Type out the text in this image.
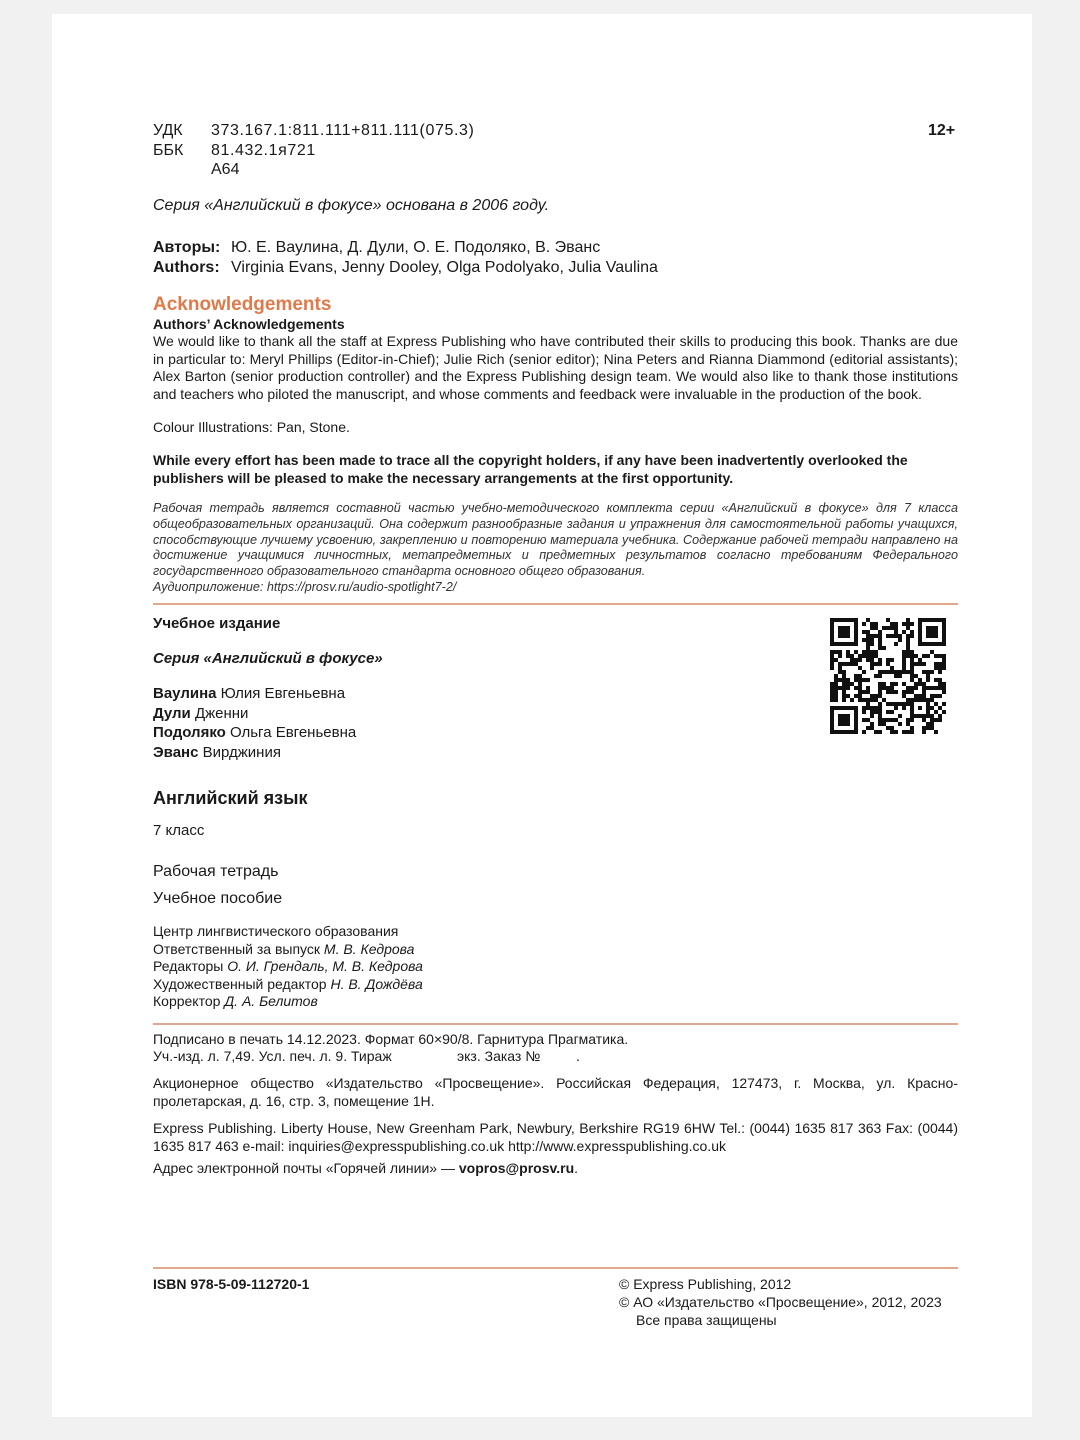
УДК 373.167.1:811.111+811.111(075.3)
ББК 81.432.1я721
А64
12+
Серия «Английский в фокусе» основана в 2006 году.
Авторы: Ю. Е. Ваулина, Д. Дули, О. Е. Подоляко, В. Эванс
Authors: Virginia Evans, Jenny Dooley, Olga Podolyako, Julia Vaulina
Acknowledgements
Authors’ Acknowledgements
We would like to thank all the staff at Express Publishing who have contributed their skills to producing this book. Thanks are due in particular to: Meryl Phillips (Editor-in-Chief); Julie Rich (senior editor); Nina Peters and Rianna Diammond (editorial assistants); Alex Barton (senior production controller) and the Express Publishing design team. We would also like to thank those institutions and teachers who piloted the manuscript, and whose comments and feedback were invaluable in the production of the book.
Colour Illustrations: Pan, Stone.
While every effort has been made to trace all the copyright holders, if any have been inadvertently overlooked the publishers will be pleased to make the necessary arrangements at the first opportunity.
Рабочая тетрадь является составной частью учебно-методического комплекта серии «Английский в фокусе» для 7 класса общеобразовательных организаций. Она содержит разнообразные задания и упражнения для самостоятельной работы учащихся, способствующие лучшему усвоению, закреплению и повторению материала учебника. Содержание рабочей тетради направлено на достижение учащимися личностных, метапредметных и предметных результатов согласно требованиям Федерального государственного образовательного стандарта основного общего образования.
Аудиоприложение: https://prosv.ru/audio-spotlight7-2/
Учебное издание
Серия «Английский в фокусе»
Ваулина Юлия Евгеньевна
Дули Дженни
Подоляко Ольга Евгеньевна
Эванс Вирджиния
Английский язык
7 класс
Рабочая тетрадь
Учебное пособие
Центр лингвистического образования
Ответственный за выпуск М. В. Кедрова
Редакторы О. И. Грендаль, М. В. Кедрова
Художественный редактор Н. В. Дождёва
Корректор Д. А. Белитов
Подписано в печать 14.12.2023. Формат 60×90/8. Гарнитура Прагматика.
Уч.-изд. л. 7,49. Усл. печ. л. 9. Тираж	экз. Заказ №	.
Акционерное общество «Издательство «Просвещение». Российская Федерация, 127473, г. Москва, ул. Краснопролетарская, д. 16, стр. 3, помещение 1Н.
Express Publishing. Liberty House, New Greenham Park, Newbury, Berkshire RG19 6HW Tel.: (0044) 1635 817 363 Fax: (0044) 1635 817 463 e-mail: inquiries@expresspublishing.co.uk http://www.expresspublishing.co.uk
Адрес электронной почты «Горячей линии» — vopros@prosv.ru.
ISBN 978-5-09-112720-1	© Express Publishing, 2012
© АО «Издательство «Просвещение», 2012, 2023
Все права защищены
